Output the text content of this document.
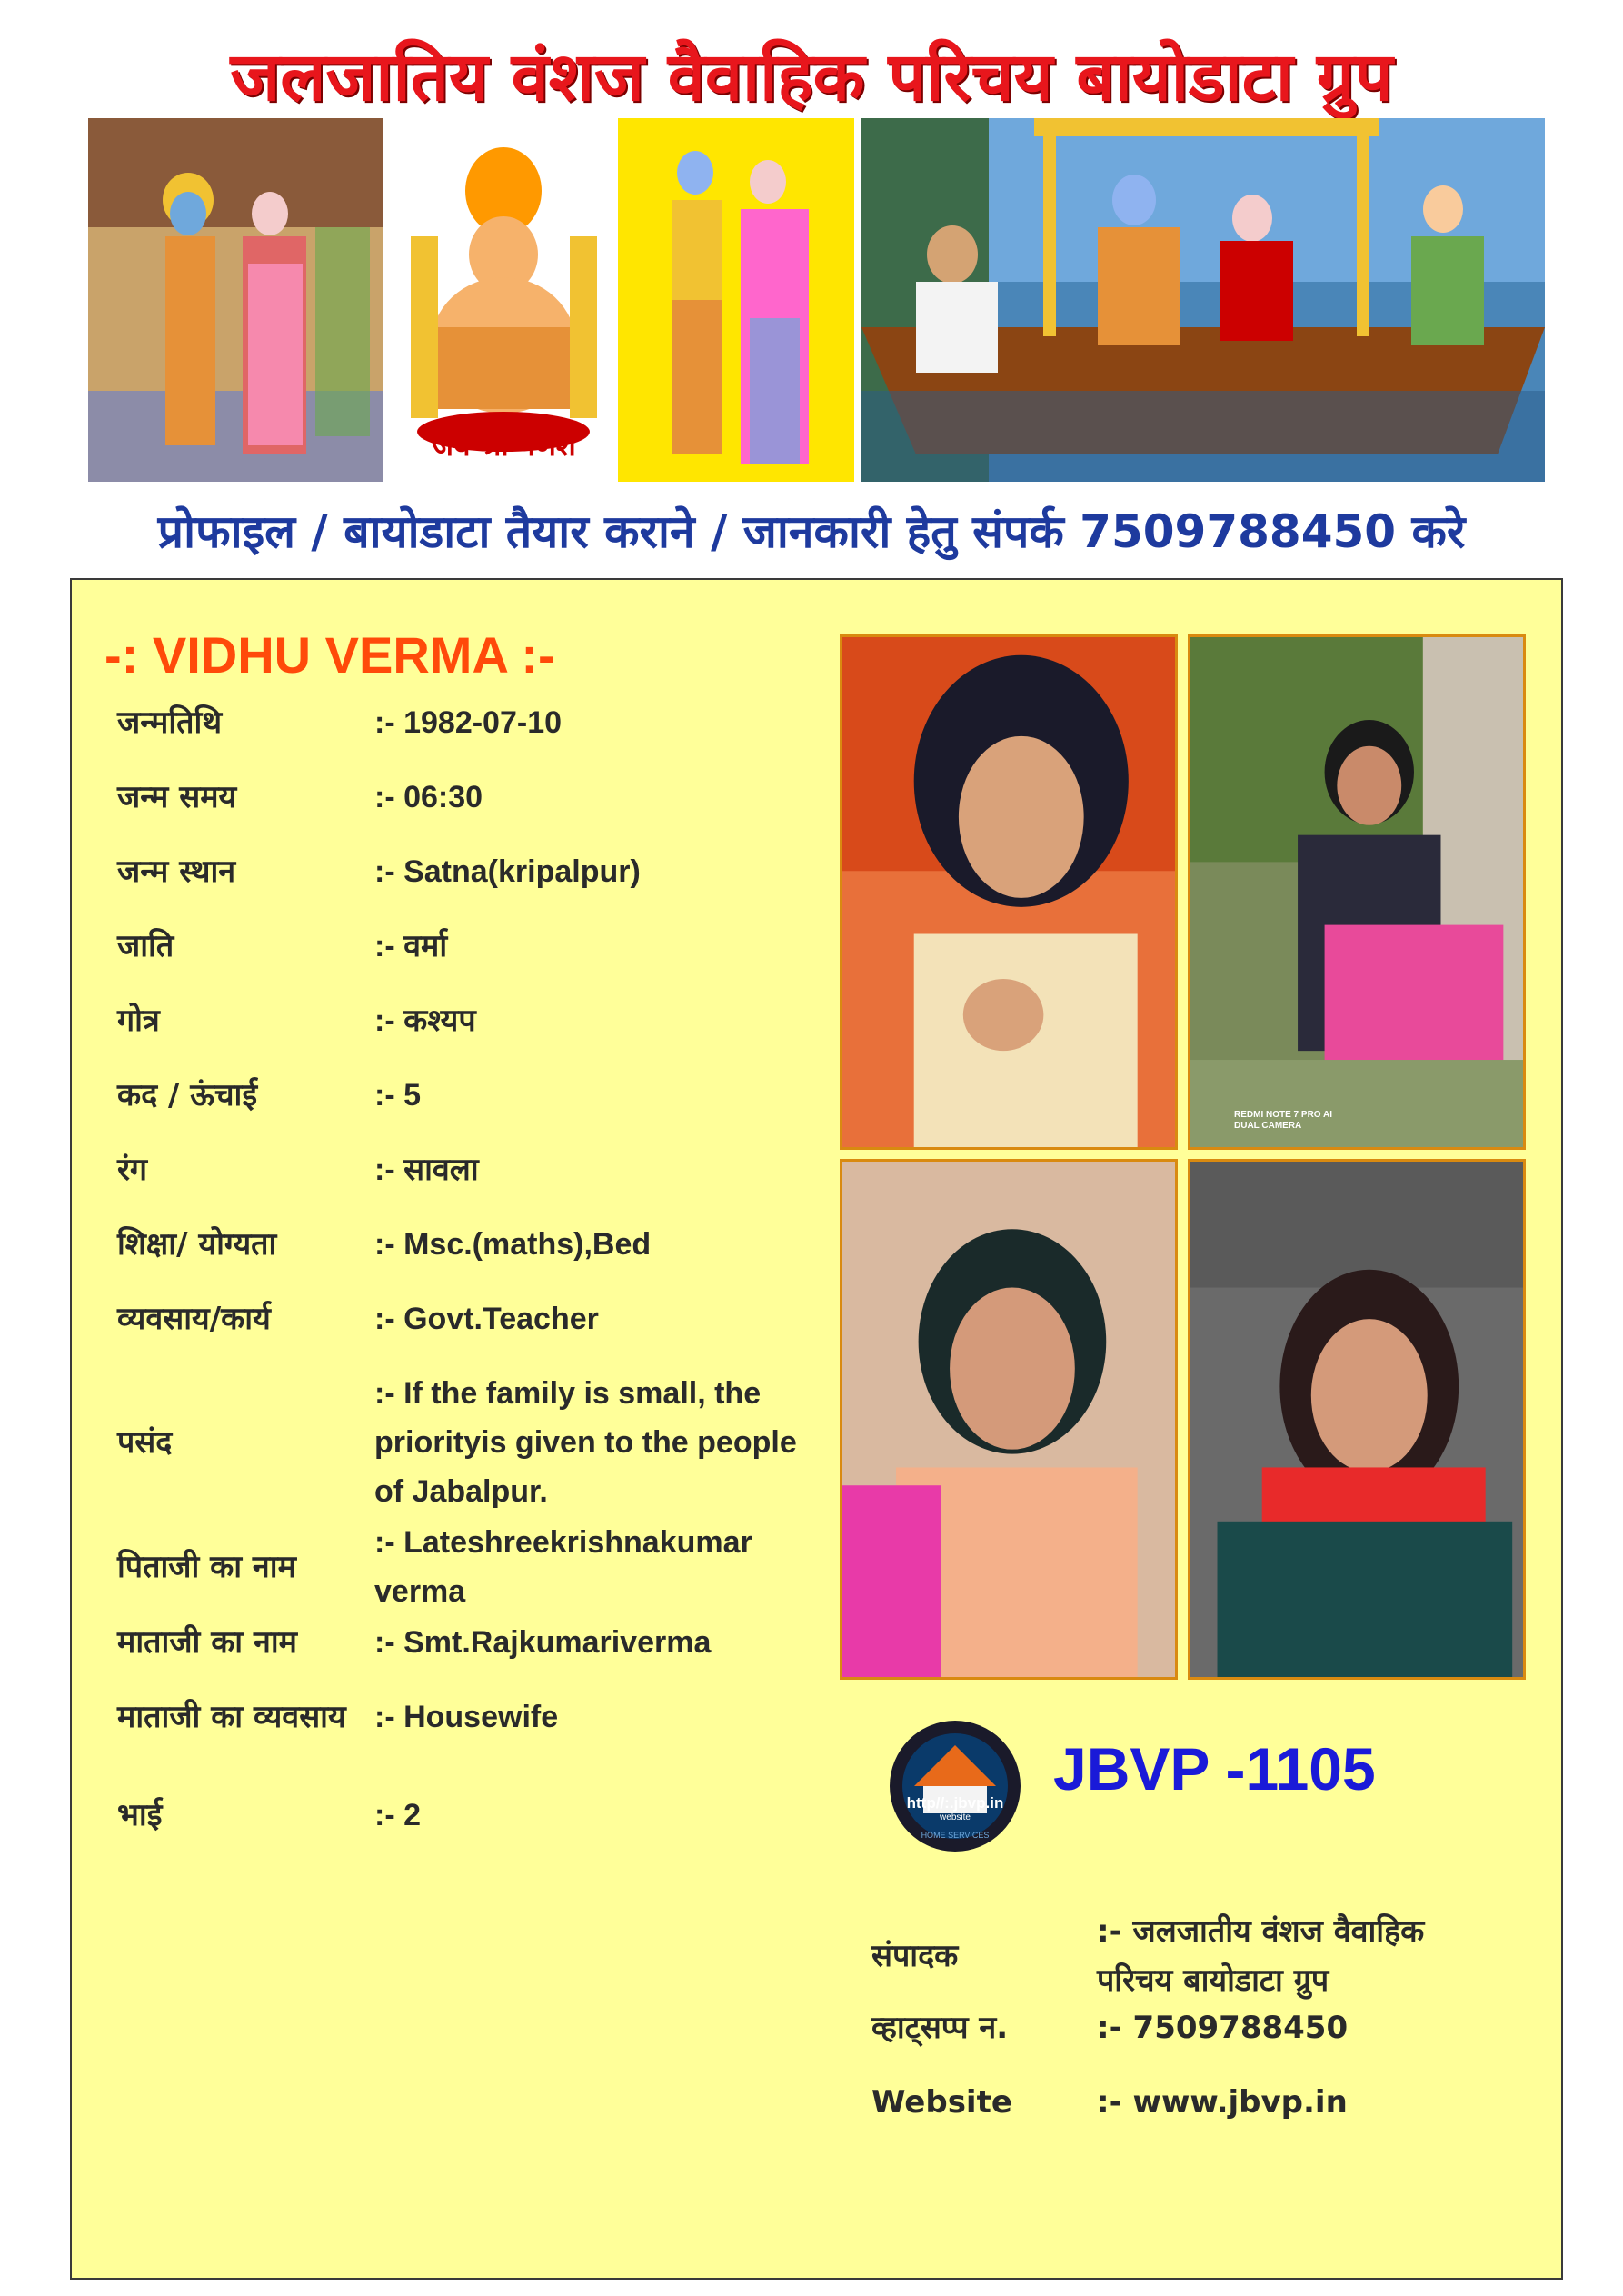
जलजातिय वंशज वैवाहिक परिचय बायोडाटा ग्रुप
जय श्री गणेश
प्रोफाइल / बायोडाटा तैयार कराने / जानकारी हेतु संपर्क 7509788450 करे
-: VIDHU VERMA :-
जन्मतिथि	:- 1982-07-10
जन्म समय	:- 06:30
जन्म स्थान	:- Satna(kripalpur)
जाति	:- वर्मा
गोत्र	:- कश्यप
कद / ऊंचाई	:- 5
रंग	:- सावला
शिक्षा/ योग्यता	:- Msc.(maths),Bed
व्यवसाय/कार्य	:- Govt.Teacher
पसंद
:- If the family is small, the priorityis given to the people of Jabalpur.
पिताजी का नाम
:- Lateshreekrishnakumar verma
माताजी का नाम	:- Smt.Rajkumariverma
माताजी का व्यवसाय :- Housewife
भाई	:- 2
REDMI NOTE 7 PRO AI DUAL CAMERA
http//:.jbvp.in
website
HOME SERVICES
JBVP -1105
संपादक
:- जलजातीय वंशज वैवाहिक परिचय बायोडाटा ग्रुप
व्हाट्सप्प न.	:- 7509788450
Website	:- www.jbvp.in
